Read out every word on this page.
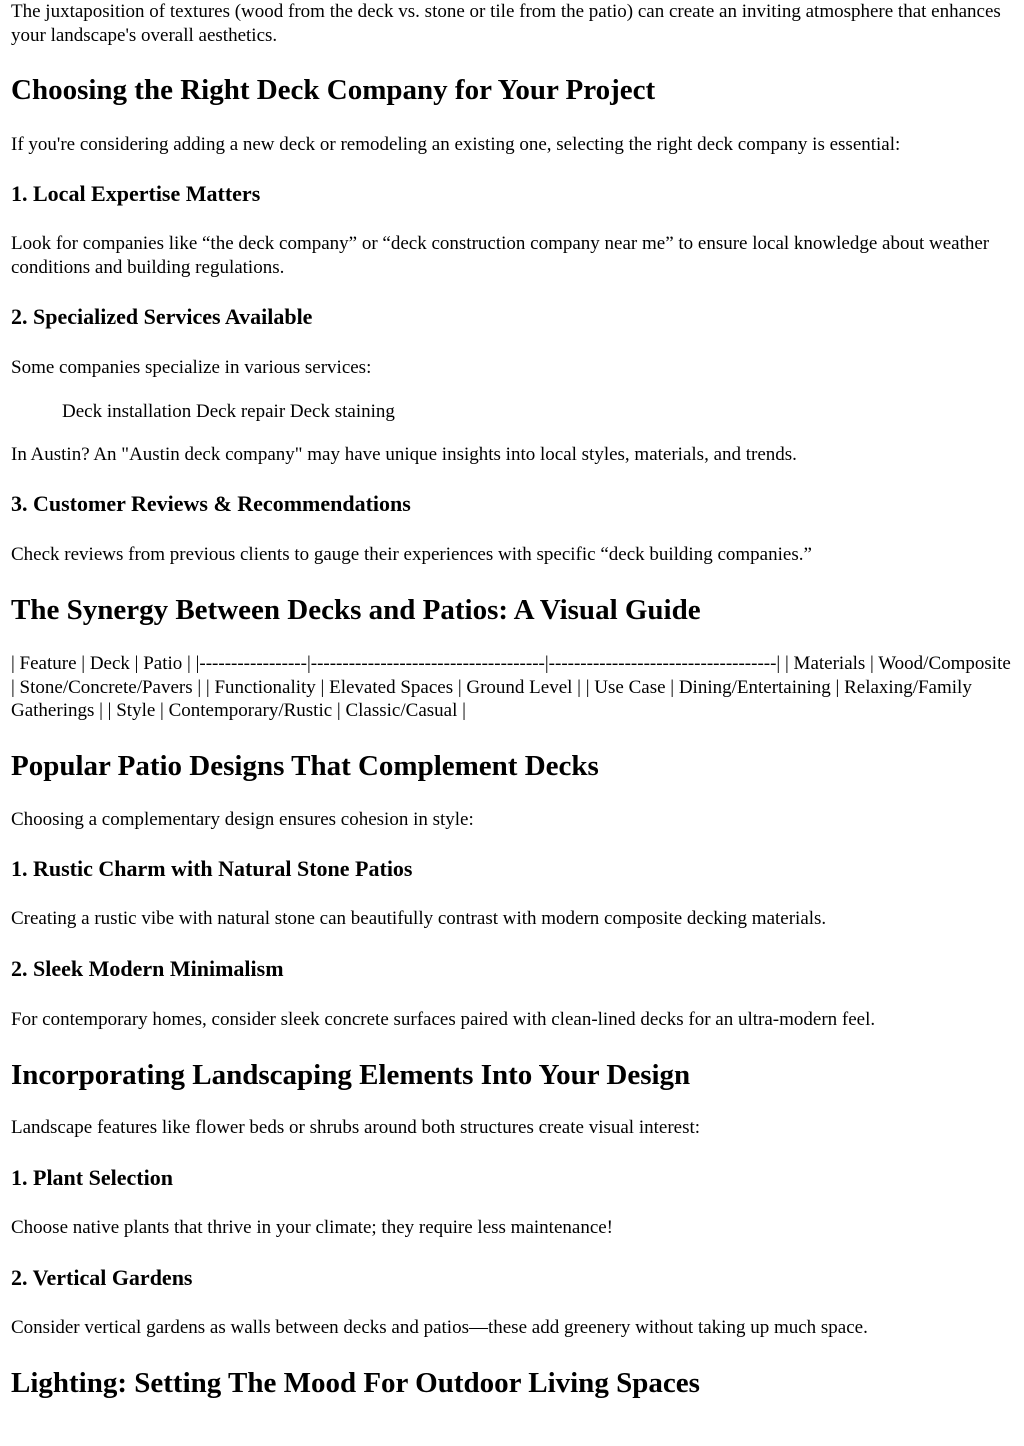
The juxtaposition of textures (wood from the deck vs. stone or tile from the patio) can create an inviting atmosphere that enhances your landscape's overall aesthetics.

Choosing the Right Deck Company for Your Project

If you're considering adding a new deck or remodeling an existing one, selecting the right deck company is essential:

1. Local Expertise Matters

Look for companies like “the deck company” or “deck construction company near me” to ensure local knowledge about weather conditions and building regulations.

2. Specialized Services Available

Some companies specialize in various services:

Deck installation Deck repair Deck staining

In Austin? An "Austin deck company" may have unique insights into local styles, materials, and trends.

3. Customer Reviews & Recommendations

Check reviews from previous clients to gauge their experiences with specific “deck building companies.”

The Synergy Between Decks and Patios: A Visual Guide

| Feature | Deck | Patio | |-----------------|-------------------------------------|------------------------------------| | Materials | Wood/Composite | Stone/Concrete/Pavers | | Functionality | Elevated Spaces | Ground Level | | Use Case | Dining/Entertaining | Relaxing/Family Gatherings | | Style | Contemporary/Rustic | Classic/Casual |

Popular Patio Designs That Complement Decks

Choosing a complementary design ensures cohesion in style:

1. Rustic Charm with Natural Stone Patios

Creating a rustic vibe with natural stone can beautifully contrast with modern composite decking materials.

2. Sleek Modern Minimalism

For contemporary homes, consider sleek concrete surfaces paired with clean-lined decks for an ultra-modern feel.

Incorporating Landscaping Elements Into Your Design

Landscape features like flower beds or shrubs around both structures create visual interest:

1. Plant Selection

Choose native plants that thrive in your climate; they require less maintenance!

2. Vertical Gardens

Consider vertical gardens as walls between decks and patios—these add greenery without taking up much space.

Lighting: Setting The Mood For Outdoor Living Spaces
